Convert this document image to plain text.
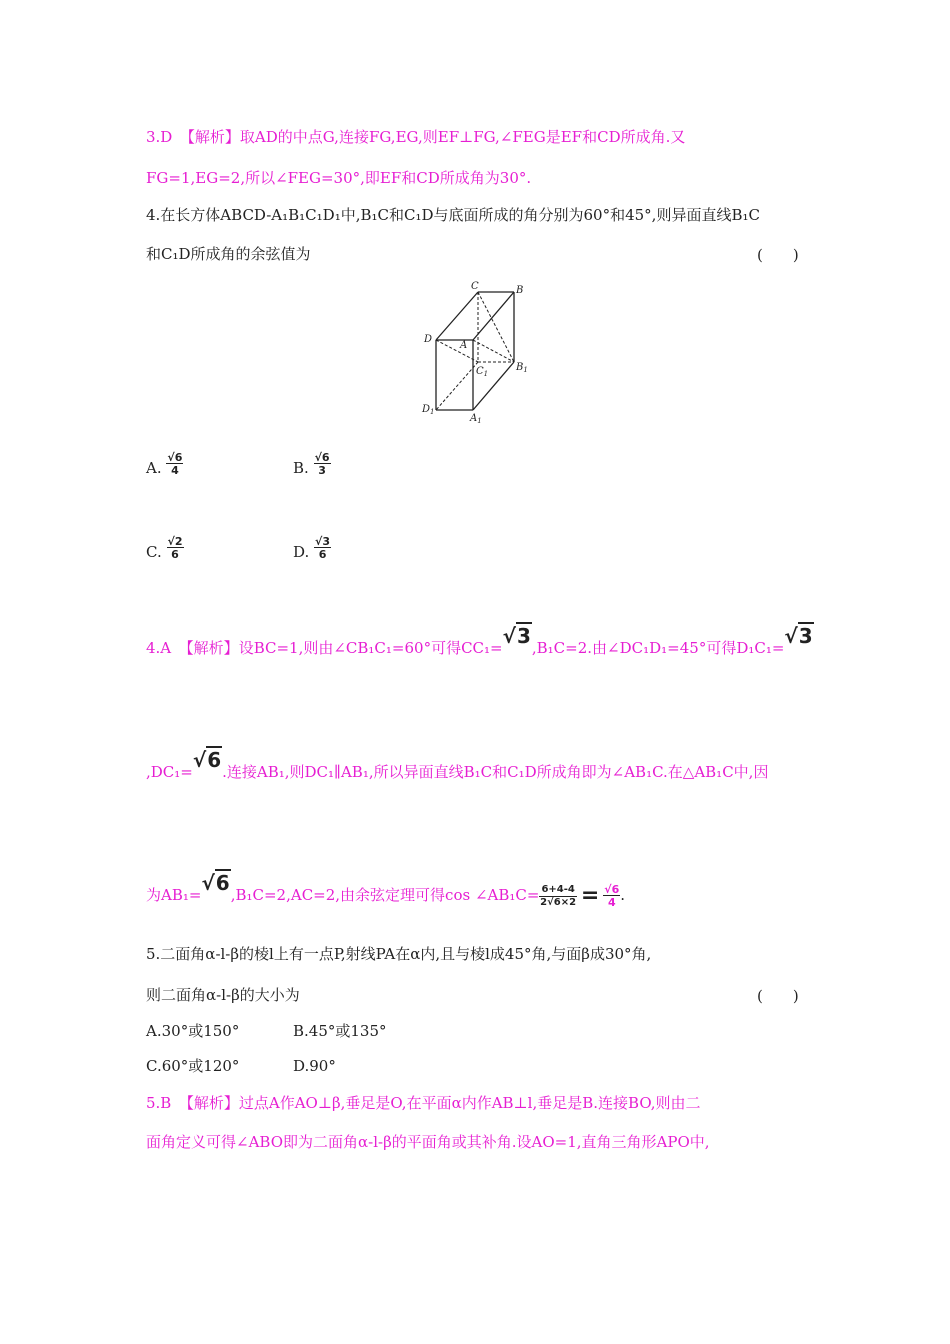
3.D　 【解析】取AD的中点G,连接FG,EG,则EF⊥FG,∠FEG是EF和CD所成角.又
FG=1,EG=2,所以∠FEG=30°,即EF和CD所成角为30°.
4.在长方体ABCD-A₁B₁C₁D₁中,B₁C和C₁D与底面所成的角分别为60°和45°,则异面直线B₁C
和C₁D所成角的余弦值为	(　　)
C	B
D
A
$C_1$
$B_1$
$D_1$
$A_1$
A. $\frac{√6}{4}$	B. $\frac{√6}{3}$
C. $\frac{√2}{6}$	D. $\frac{√3}{6}$
4.A　 【解析】设BC=1,则由∠CB₁C₁=60°可得CC₁=√3,B₁C=2.由∠DC₁D₁=45°可得D₁C₁=√3
,DC₁=√6.连接AB₁,则DC₁∥AB₁,所以异面直线B₁C和C₁D所成角即为∠AB₁C.在△AB₁C中,因
为AB₁=√6,B₁C=2,AC=2,由余弦定理可得cos ∠AB₁C= $\frac{6+4-4}{2√6\times 2} = \frac{√6}{4}$ .
5.二面角α-l-β的棱l上有一点P,射线PA在α内,且与棱l成45°角,与面β成30°角,
则二面角α-l-β的大小为	(　　)
A.30°或150°	B.45°或135°
C.60°或120°	D.90°
5.B　 【解析】过点A作AO⊥β,垂足是O,在平面α内作AB⊥l,垂足是B.连接BO,则由二
面角定义可得∠ABO即为二面角α-l-β的平面角或其补角.设AO=1,直角三角形APO中,
